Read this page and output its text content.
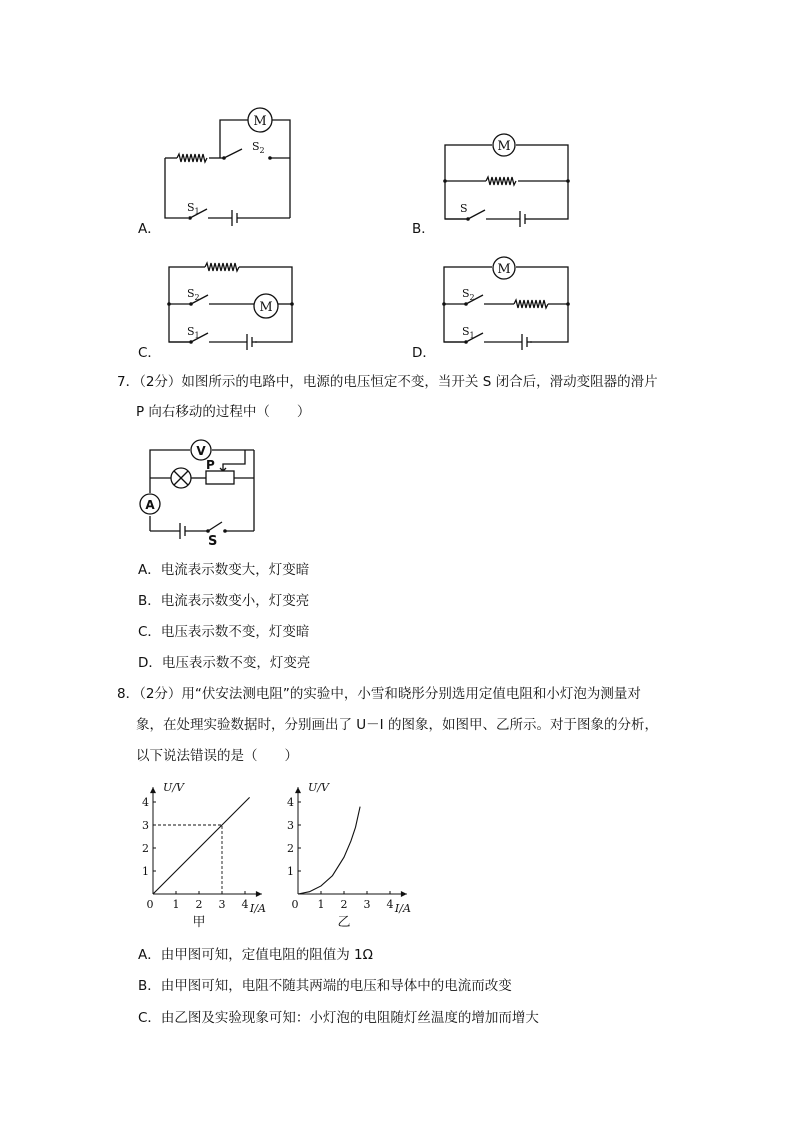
A．
M
$S_2$
$S_1$
B．
M
S
C．
$S_2$
M
$S_1$
D．
M
$S_2$
$S_1$
7．（2分）如图所示的电路中，电源的电压恒定不变，当开关 S 闭合后，滑动变阻器的滑片
P 向右移动的过程中（　　）
S
V
A
P
A．电流表示数变大，灯变暗
B．电流表示数变小，灯变亮
C．电压表示数不变，灯变暗
D．电压表示数不变，灯变亮
8．（2分）用“伏安法测电阻”的实验中，小雪和晓彤分别选用定值电阻和小灯泡为测量对
象，在处理实验数据时，分别画出了 U－I 的图象，如图甲、乙所示。对于图象的分析，
以下说法错误的是（　　）
0 1 2 3 4
1
2
3
4
U/V
I/A
甲
0 1 2 3 4
1
2
3
4
U/V
I/A
乙
A．由甲图可知，定值电阻的阻值为 1Ω
B．由甲图可知，电阻不随其两端的电压和导体中的电流而改变
C．由乙图及实验现象可知：小灯泡的电阻随灯丝温度的增加而增大
